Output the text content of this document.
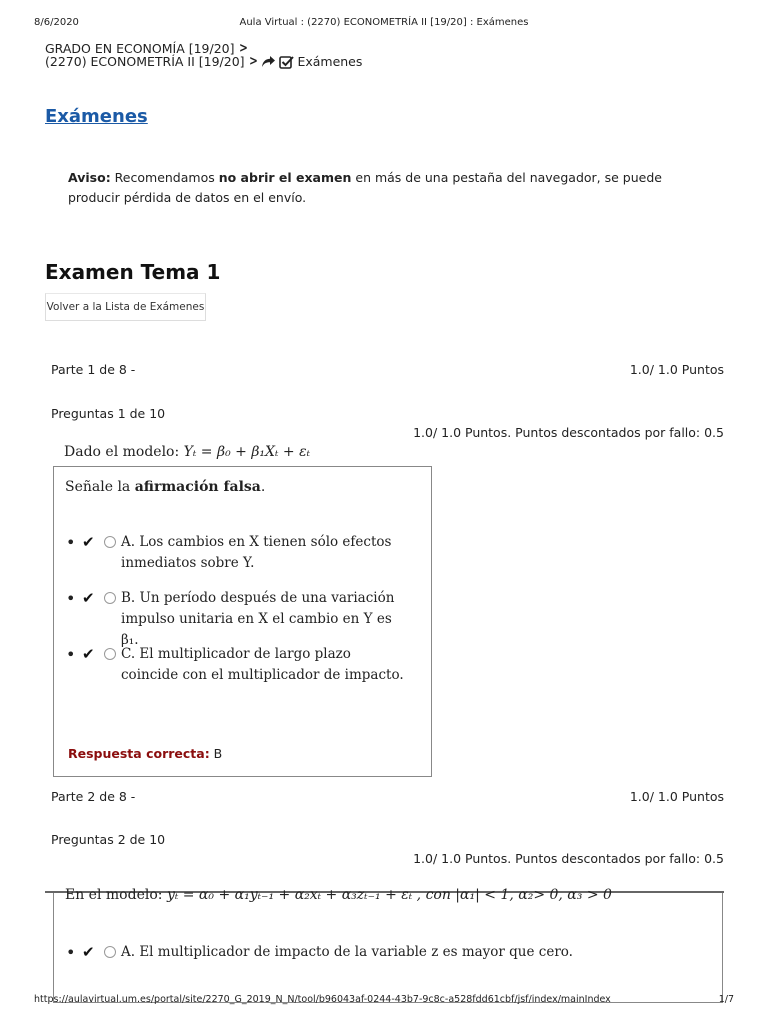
8/6/2020	Aula Virtual : (2270) ECONOMETRÍA II [19/20] : Exámenes
GRADO EN ECONOMÍA [19/20] >
(2270) ECONOMETRÍA II [19/20] >	Exámenes
Exámenes
Aviso: Recomendamos no abrir el examen en más de una pestaña del navegador, se puede producir pérdida de datos en el envío.
Examen Tema 1
Volver a la Lista de Exámenes
Parte 1 de 8 -	1.0/ 1.0 Puntos
Preguntas 1 de 10
1.0/ 1.0 Puntos. Puntos descontados por fallo: 0.5
Dado el modelo: Yₜ = β₀ + β₁Xₜ + εₜ
Señale la afirmación falsa.
• ✔	A. Los cambios en X tienen sólo efectos inmediatos sobre Y.
• ✔	B. Un período después de una variación impulso unitaria en X el cambio en Y es β₁.
• ✔	C. El multiplicador de largo plazo coincide con el multiplicador de impacto.
Respuesta correcta: B
Parte 2 de 8 -	1.0/ 1.0 Puntos
Preguntas 2 de 10
1.0/ 1.0 Puntos. Puntos descontados por fallo: 0.5
En el modelo: yₜ = α₀ + α₁yₜ₋₁ + α₂xₜ + α₃zₜ₋₁ + εₜ , con |α₁| < 1, α₂> 0, α₃ > 0
• ✔	A. El multiplicador de impacto de la variable z es mayor que cero.
https://aulavirtual.um.es/portal/site/2270_G_2019_N_N/tool/b96043af-0244-43b7-9c8c-a528fdd61cbf/jsf/index/mainIndex	1/7
